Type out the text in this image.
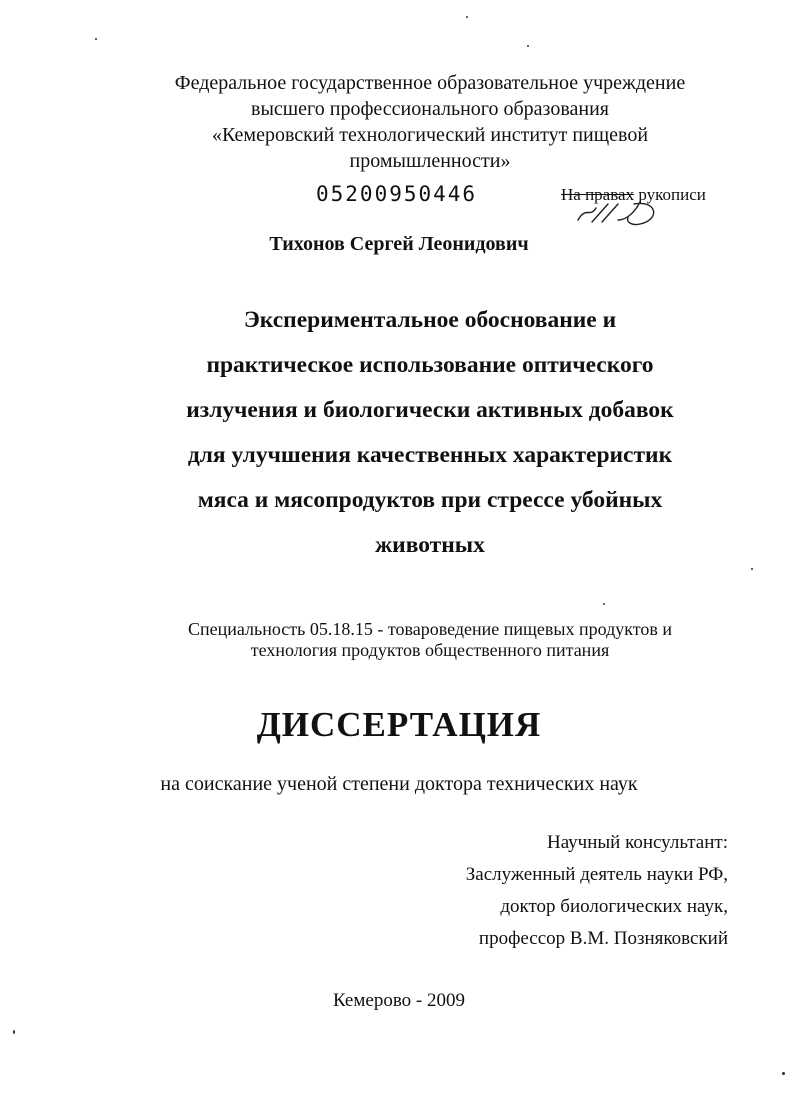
Федеральное государственное образовательное учреждение
высшего профессионального образования
«Кемеровский технологический институт пищевой
промышленности»
05200950446	На правах рукописи
Тихонов Сергей Леонидович
Экспериментальное обоснование и
практическое использование оптического
излучения и биологически активных добавок
для улучшения качественных характеристик
мяса и мясопродуктов при стрессе убойных
животных
Специальность 05.18.15 - товароведение пищевых продуктов и
технология продуктов общественного питания
ДИССЕРТАЦИЯ
на соискание ученой степени доктора технических наук
Научный консультант:
Заслуженный деятель науки РФ,
доктор биологических наук,
профессор В.М. Позняковский
Кемерово - 2009
